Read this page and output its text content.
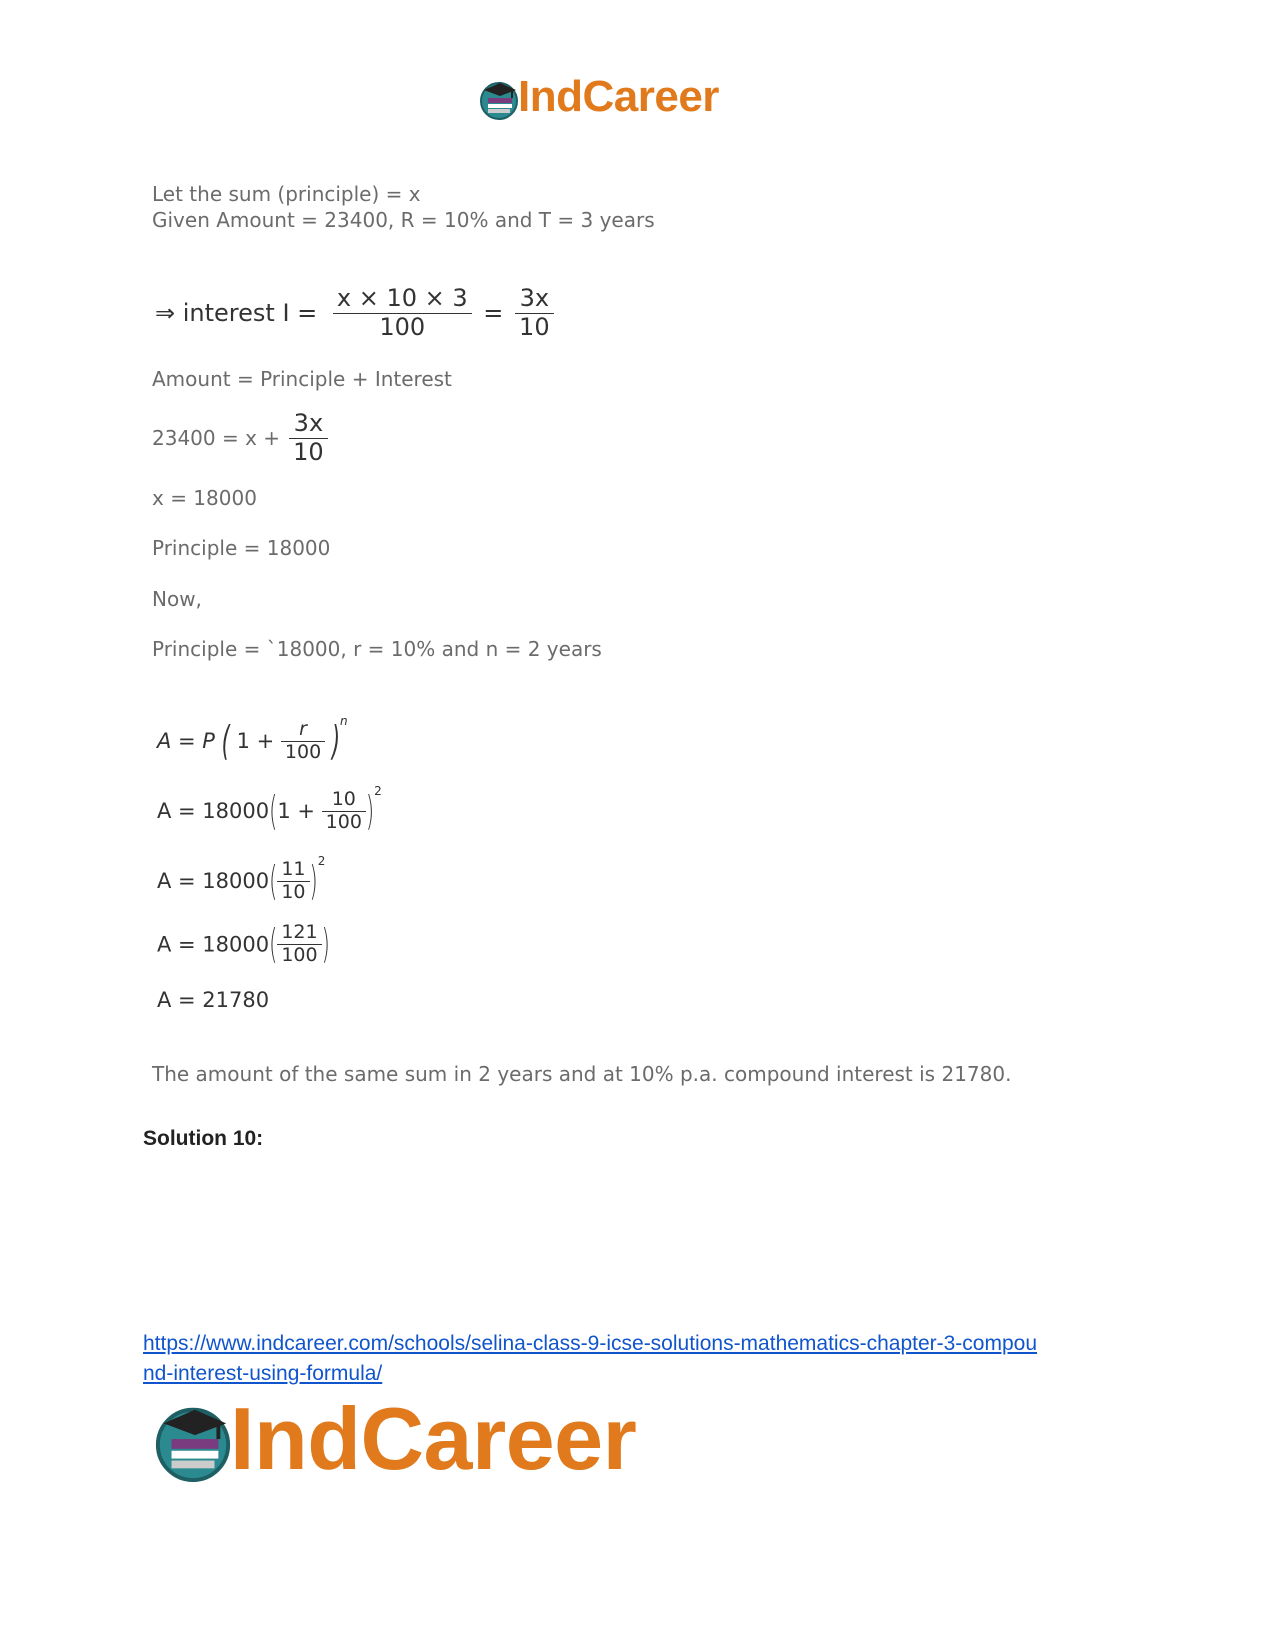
IndCareer
Let the sum (principle) = x
Given Amount = 23400, R = 10% and T = 3 years
⇒ interest $I = \frac{x \times 10 \times 3}{100} = \frac{3x}{10}$
Amount = Principle + Interest
$23400 = x + \frac{3x}{10}$
x = 18000
Principle = 18000
Now,
Principle = `18000, r = 10% and n = 2 years
A = P ( $1 + \frac{r}{100} )^n$
$A = 18000(1 + \frac{10}{100} )^2$
$A = 18000( \frac{11}{10} )^2$
$A = 18000( \frac{121}{100}$ )
A = 21780
The amount of the same sum in 2 years and at 10% p.a. compound interest is 21780.
Solution 10:
https://www.indcareer.com/schools/selina-class-9-icse-solutions-mathematics-chapter-3-compou
nd-interest-using-formula/
IndCareer
